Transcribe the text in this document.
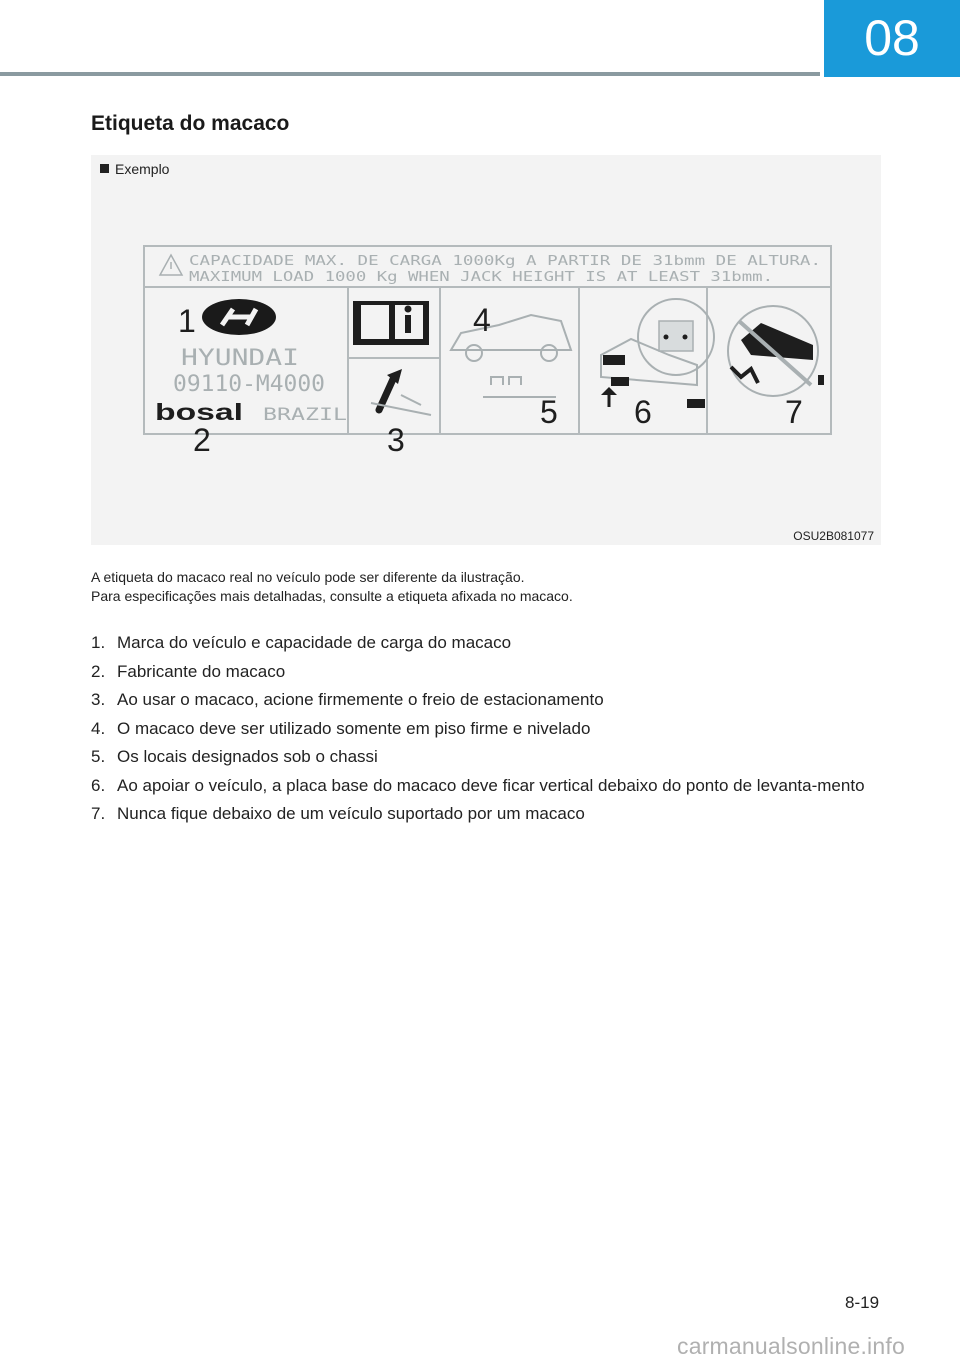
08
Etiqueta do macaco
Exemplo
CAPACIDADE MAX. DE CARGA 1000Kg A PARTIR DE 31bmm DE ALTURA.
MAXIMUM LOAD 1000 Kg WHEN JACK HEIGHT IS AT LEAST 31bmm.
HYUNDAI
09110-M4000
bosal BRAZIL
1
2	3
4
5 6	7
OSU2B081077
A etiqueta do macaco real no veículo pode ser diferente da ilustração.
Para especificações mais detalhadas, consulte a etiqueta afixada no macaco.
1. Marca do veículo e capacidade de carga do macaco
2. Fabricante do macaco
3. Ao usar o macaco, acione firmemente o freio de estacionamento
4. O macaco deve ser utilizado somente em piso firme e nivelado
5. Os locais designados sob o chassi
6. Ao apoiar o veículo, a placa base do macaco deve ficar vertical debaixo do ponto de levanta-mento
7. Nunca fique debaixo de um veículo suportado por um macaco
8-19
carmanualsonline.info
